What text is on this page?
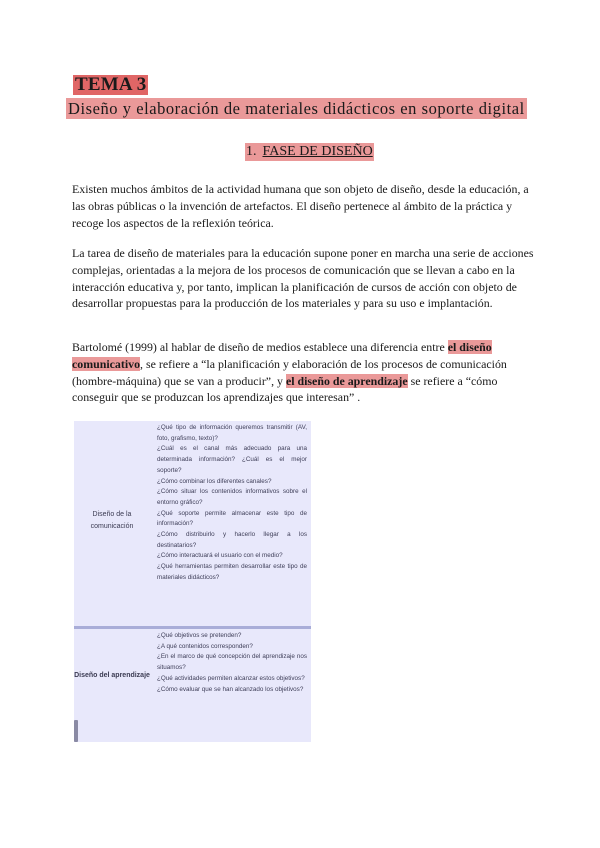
TEMA 3
Diseño y elaboración de materiales didácticos en soporte digital
1. FASE DE DISEÑO

Existen muchos ámbitos de la actividad humana que son objeto de diseño, desde la educación, a las obras públicas o la invención de artefactos. El diseño pertenece al ámbito de la práctica y recoge los aspectos de la reflexión teórica.

La tarea de diseño de materiales para la educación supone poner en marcha una serie de acciones complejas, orientadas a la mejora de los procesos de comunicación que se llevan a cabo en la interacción educativa y, por tanto, implican la planificación de cursos de acción con objeto de desarrollar propuestas para la producción de los materiales y para su uso e implantación.

Bartolomé (1999) al hablar de diseño de medios establece una diferencia entre el diseño comunicativo, se refiere a “la planificación y elaboración de los procesos de comunicación (hombre-máquina) que se van a producir”, y el diseño de aprendizaje se refiere a “cómo conseguir que se produzcan los aprendizajes que interesan” .

Diseño de la comunicación

¿Qué tipo de información queremos transmitir (AV, foto, grafismo, texto)?

¿Cuál es el canal más adecuado para una determinada información? ¿Cuál es el mejor soporte?

¿Cómo combinar los diferentes canales?

¿Cómo situar los contenidos informativos sobre el entorno gráfico?

¿Qué soporte permite almacenar este tipo de información?

¿Cómo distribuirlo y hacerlo llegar a los destinatarios?

¿Cómo interactuará el usuario con el medio?

¿Qué herramientas permiten desarrollar este tipo de materiales didácticos?

Diseño del aprendizaje

¿Qué objetivos se pretenden?

¿A qué contenidos corresponden?

¿En el marco de qué concepción del aprendizaje nos situamos?

¿Qué actividades permiten alcanzar estos objetivos?

¿Cómo evaluar que se han alcanzado los objetivos?
